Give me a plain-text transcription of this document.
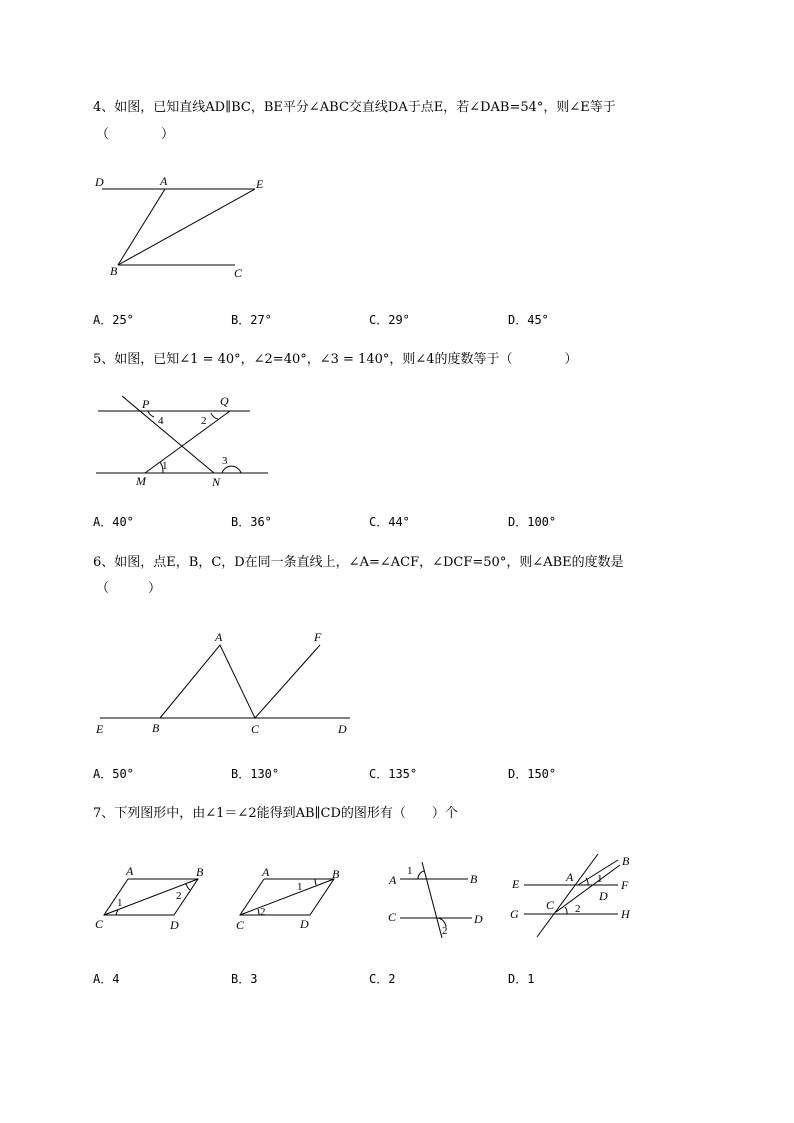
4、如图，已知直线AD∥BC，BE平分∠ABC交直线DA于点E，若∠DAB=54°，则∠E等于
（　　　　）
D	A	E
B	C
A．25°	B．27°	C．29°	D．45°
5、如图，已知∠1 = 40°，∠2=40°，∠3 = 140°，则∠4的度数等于（　　　　）
P	Q
M	N
1
2
3
4
A．40°	B．36°	C．44°	D．100°
6、如图，点E，B，C，D在同一条直线上，∠A=∠ACF，∠DCF=50°，则∠ABE的度数是
（　　　）
A	F
E	B	C	D
A．50°	B．130°	C．135°	D．150°
7、下列图形中，由∠1＝∠2能得到AB∥CD的图形有（　　）个
A	B
C	D
1
2
A	B
C	D
1
2
A	B
C	D
1
2
E	A
B
F
C
D
G	H
1
2
A．4	B．3	C．2	D．1
